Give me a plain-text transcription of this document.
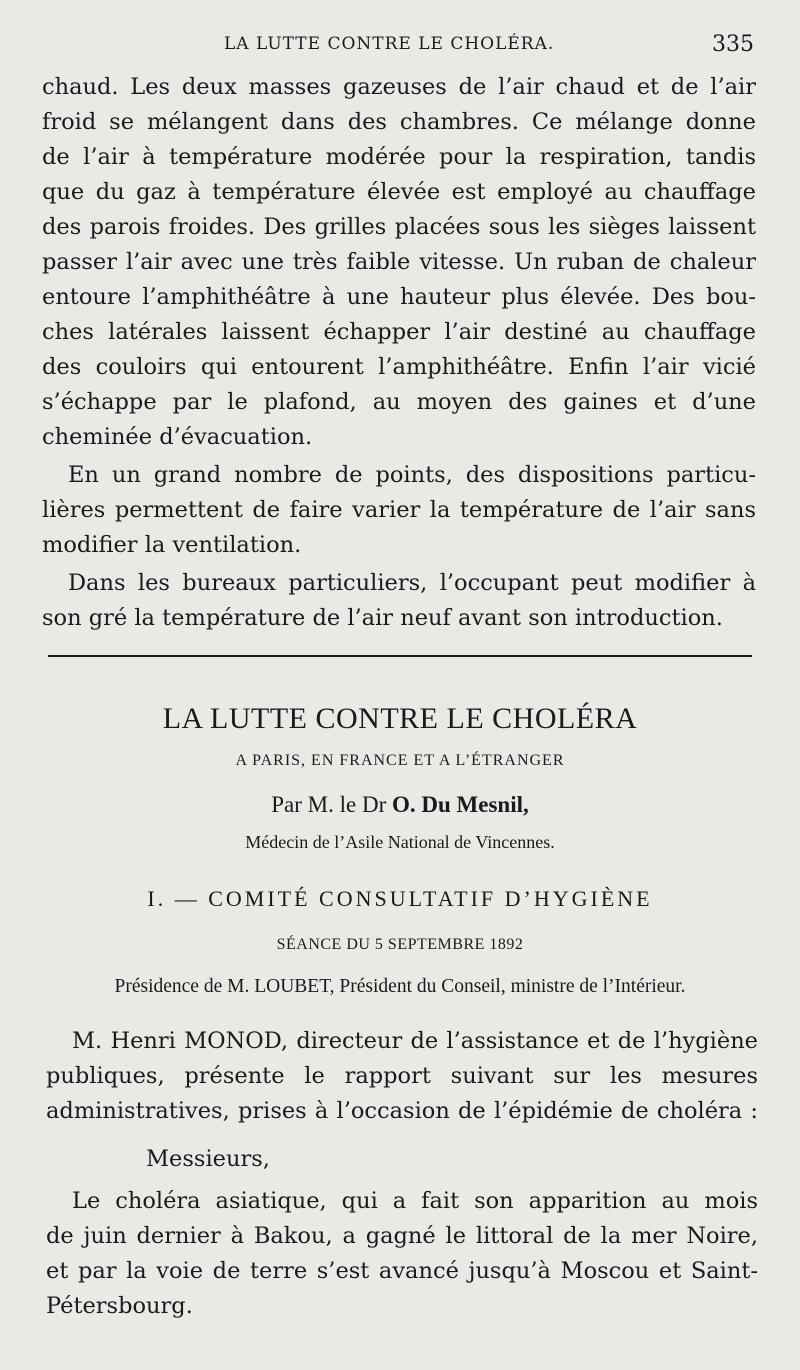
LA LUTTE CONTRE LE CHOLÉRA.	335
chaud. Les deux masses gazeuses de l’air chaud et de l’air
froid se mélangent dans des chambres. Ce mélange donne
de l’air à température modérée pour la respiration, tandis
que du gaz à température élevée est employé au chauffage
des parois froides. Des grilles placées sous les sièges laissent
passer l’air avec une très faible vitesse. Un ruban de chaleur
entoure l’amphithéâtre à une hauteur plus élevée. Des bou-
ches latérales laissent échapper l’air destiné au chauffage
des couloirs qui entourent l’amphithéâtre. Enfin l’air vicié
s’échappe par le plafond, au moyen des gaines et d’une
cheminée d’évacuation.
En un grand nombre de points, des dispositions particu-
lières permettent de faire varier la température de l’air sans
modifier la ventilation.
Dans les bureaux particuliers, l’occupant peut modifier à
son gré la température de l’air neuf avant son introduction.
LA LUTTE CONTRE LE CHOLÉRA
A PARIS, EN FRANCE ET A L’ÉTRANGER
Par M. le Dr O. Du Mesnil,
Médecin de l’Asile National de Vincennes.
I. — COMITÉ CONSULTATIF D’HYGIÈNE
SÉANCE DU 5 SEPTEMBRE 1892
Présidence de M. LOUBET, Président du Conseil, ministre de l’Intérieur.
M. Henri MONOD, directeur de l’assistance et de l’hygiène
publiques, présente le rapport suivant sur les mesures
administratives, prises à l’occasion de l’épidémie de choléra :
Messieurs,
Le choléra asiatique, qui a fait son apparition au mois
de juin dernier à Bakou, a gagné le littoral de la mer Noire,
et par la voie de terre s’est avancé jusqu’à Moscou et Saint-
Pétersbourg.
